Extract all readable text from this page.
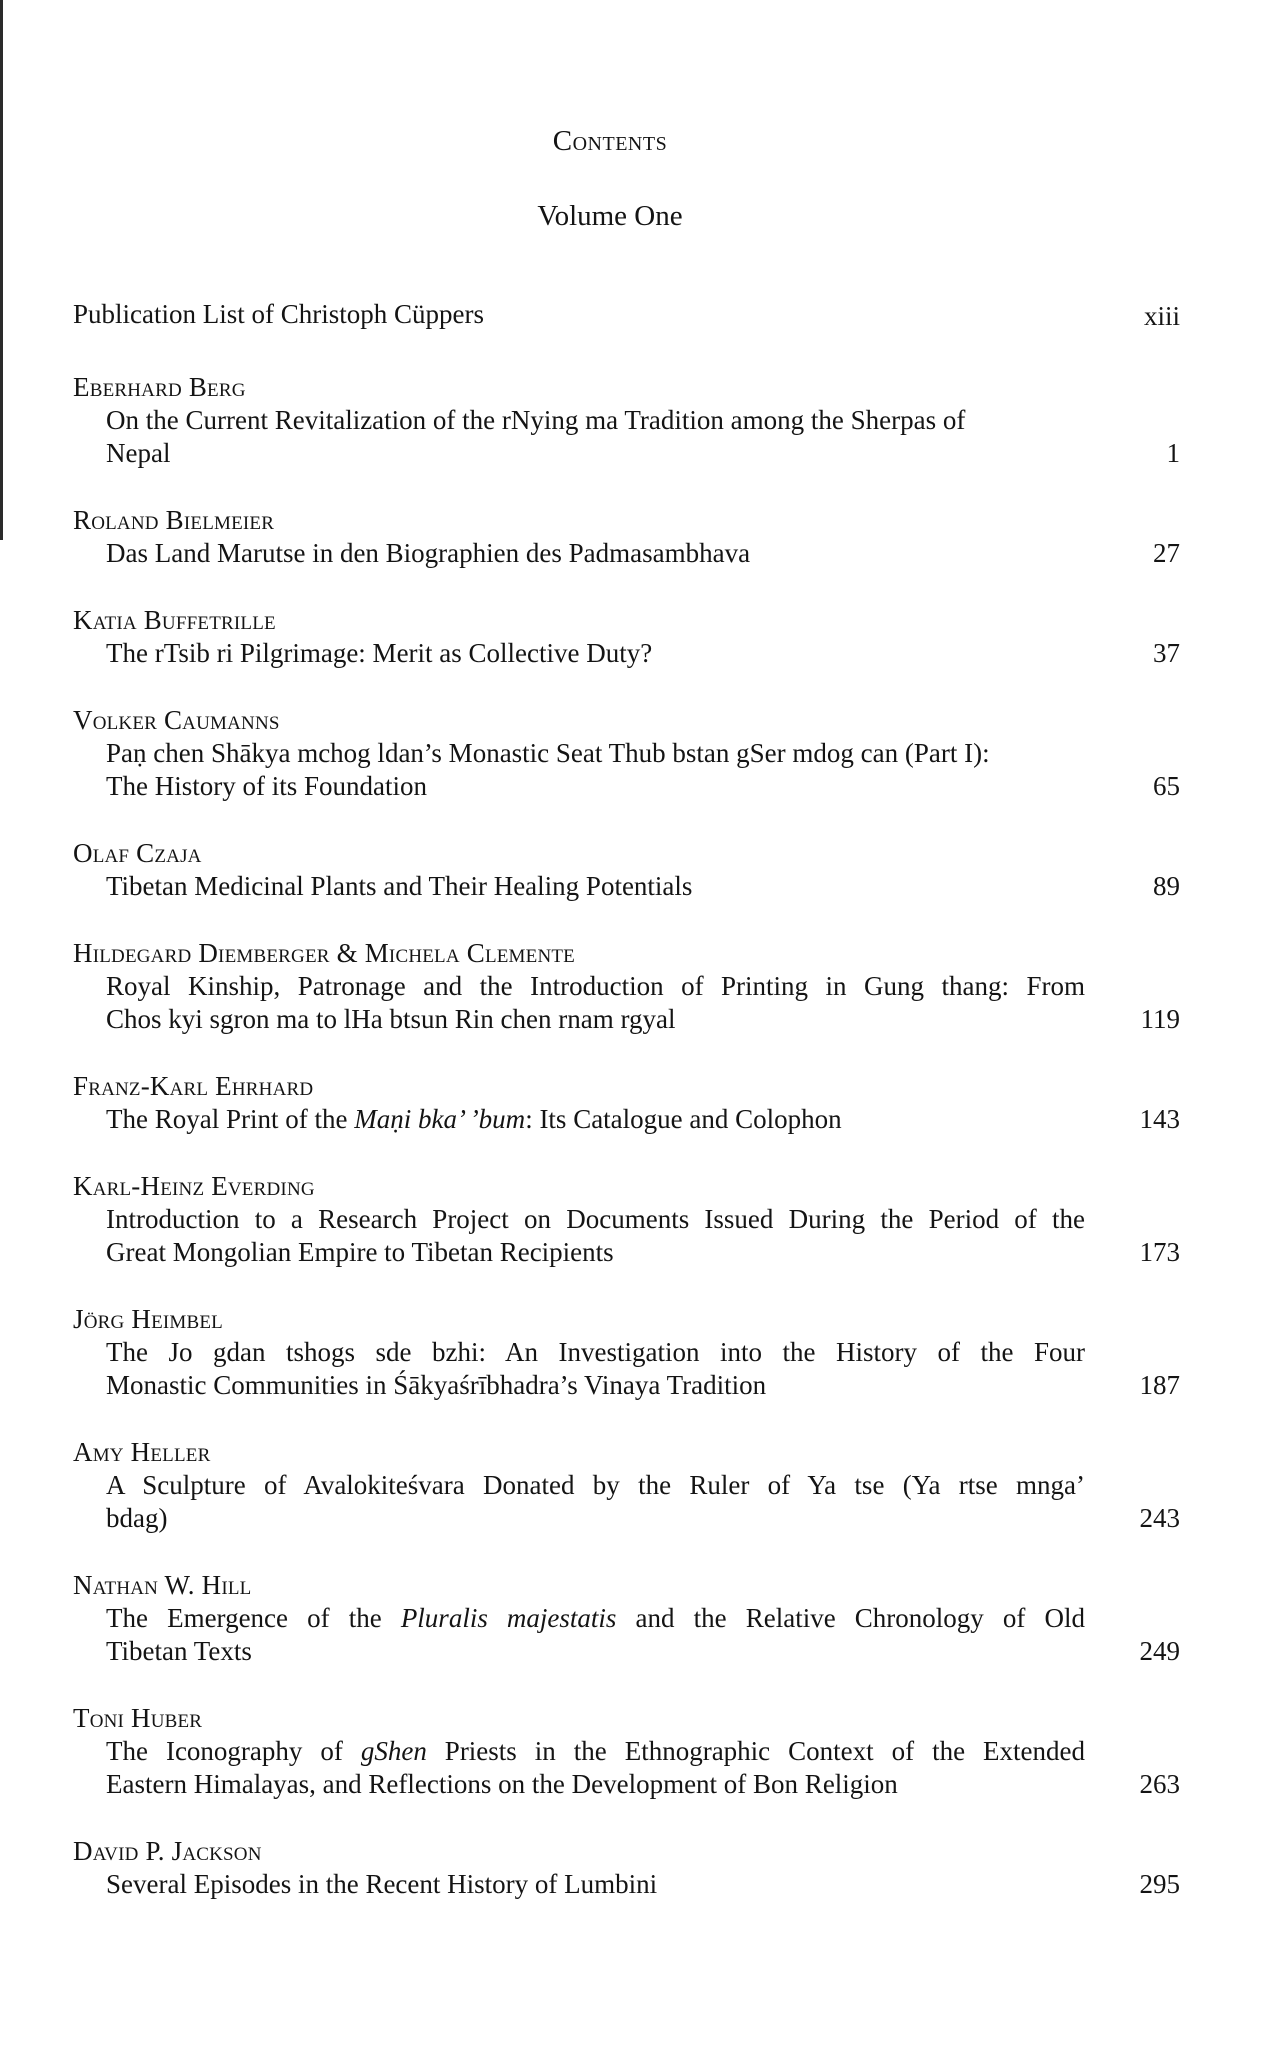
Contents
Volume One
Publication List of Christoph Cüppers	xiii
Eberhard Berg
On the Current Revitalization of the rNying ma Tradition among the Sherpas of
Nepal	1
Roland Bielmeier
Das Land Marutse in den Biographien des Padmasambhava	27
Katia Buffetrille
The rTsib ri Pilgrimage: Merit as Collective Duty?	37
Volker Caumanns
Paṇ chen Shākya mchog ldan’s Monastic Seat Thub bstan gSer mdog can (Part I):
The History of its Foundation	65
Olaf Czaja
Tibetan Medicinal Plants and Their Healing Potentials	89
Hildegard Diemberger & Michela Clemente
Royal Kinship, Patronage and the Introduction of Printing in Gung thang: From
Chos kyi sgron ma to lHa btsun Rin chen rnam rgyal	119
Franz-Karl Ehrhard
The Royal Print of the Maṇi bka’ ’bum: Its Catalogue and Colophon	143
Karl-Heinz Everding
Introduction to a Research Project on Documents Issued During the Period of the
Great Mongolian Empire to Tibetan Recipients	173
Jörg Heimbel
The Jo gdan tshogs sde bzhi: An Investigation into the History of the Four
Monastic Communities in Śākyaśrībhadra’s Vinaya Tradition	187
Amy Heller
A Sculpture of Avalokiteśvara Donated by the Ruler of Ya tse (Ya rtse mnga’
bdag)	243
Nathan W. Hill
The Emergence of the Pluralis majestatis and the Relative Chronology of Old
Tibetan Texts	249
Toni Huber
The Iconography of gShen Priests in the Ethnographic Context of the Extended
Eastern Himalayas, and Reflections on the Development of Bon Religion	263
David P. Jackson
Several Episodes in the Recent History of Lumbini	295
